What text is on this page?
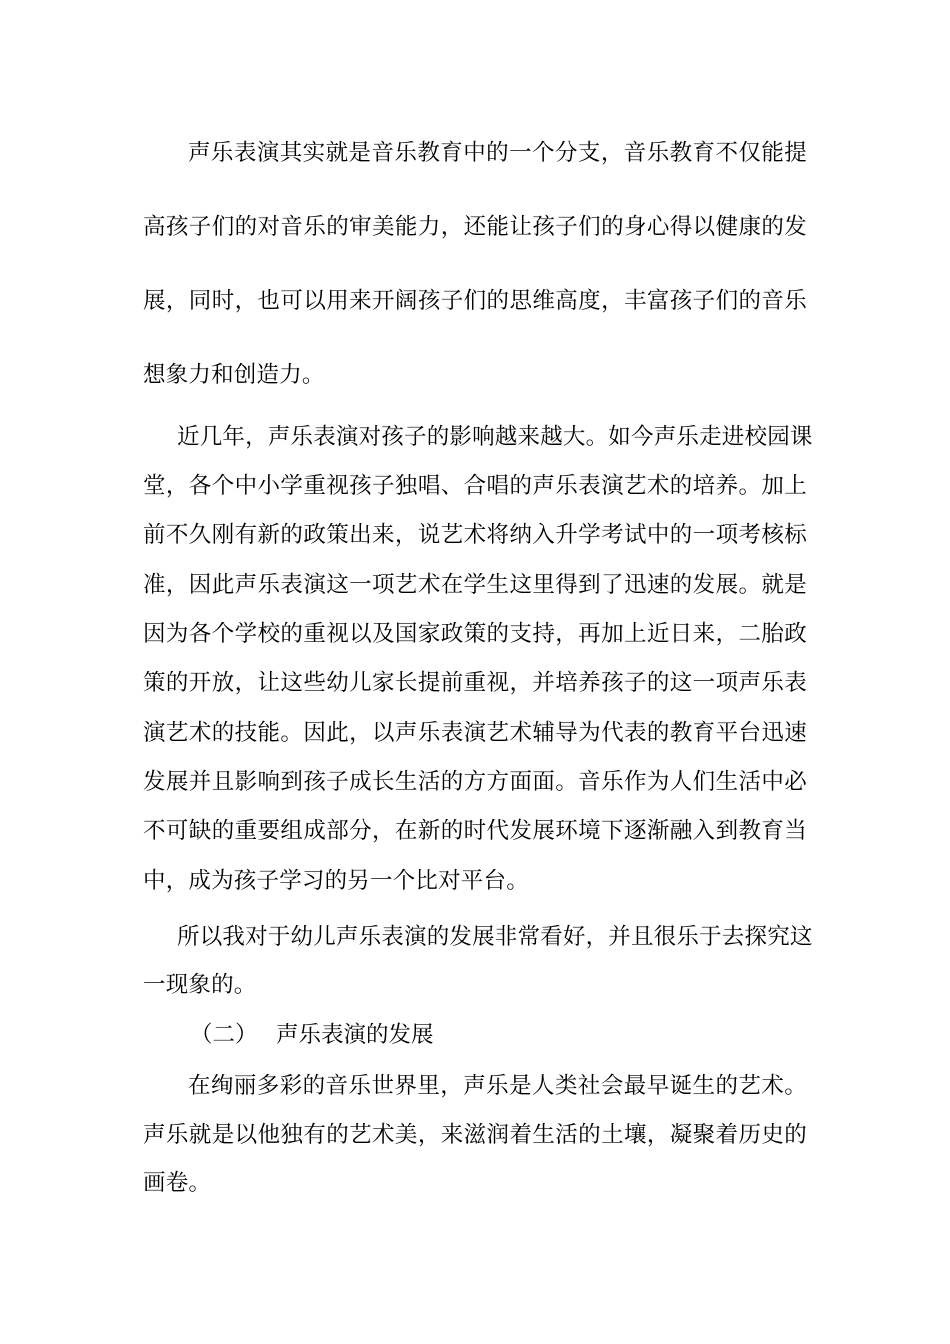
声乐表演其实就是音乐教育中的一个分支，音乐教育不仅能提
高孩子们的对音乐的审美能力，还能让孩子们的身心得以健康的发
展，同时，也可以用来开阔孩子们的思维高度，丰富孩子们的音乐
想象力和创造力。
近几年，声乐表演对孩子的影响越来越大。如今声乐走进校园课
堂，各个中小学重视孩子独唱、合唱的声乐表演艺术的培养。加上
前不久刚有新的政策出来，说艺术将纳入升学考试中的一项考核标
准，因此声乐表演这一项艺术在学生这里得到了迅速的发展。就是
因为各个学校的重视以及国家政策的支持，再加上近日来，二胎政
策的开放，让这些幼儿家长提前重视，并培养孩子的这一项声乐表
演艺术的技能。因此，以声乐表演艺术辅导为代表的教育平台迅速
发展并且影响到孩子成长生活的方方面面。音乐作为人们生活中必
不可缺的重要组成部分，在新的时代发展环境下逐渐融入到教育当
中，成为孩子学习的另一个比对平台。
所以我对于幼儿声乐表演的发展非常看好，并且很乐于去探究这
一现象的。
（二） 声乐表演的发展
在绚丽多彩的音乐世界里，声乐是人类社会最早诞生的艺术。
声乐就是以他独有的艺术美，来滋润着生活的土壤，凝聚着历史的
画卷。
